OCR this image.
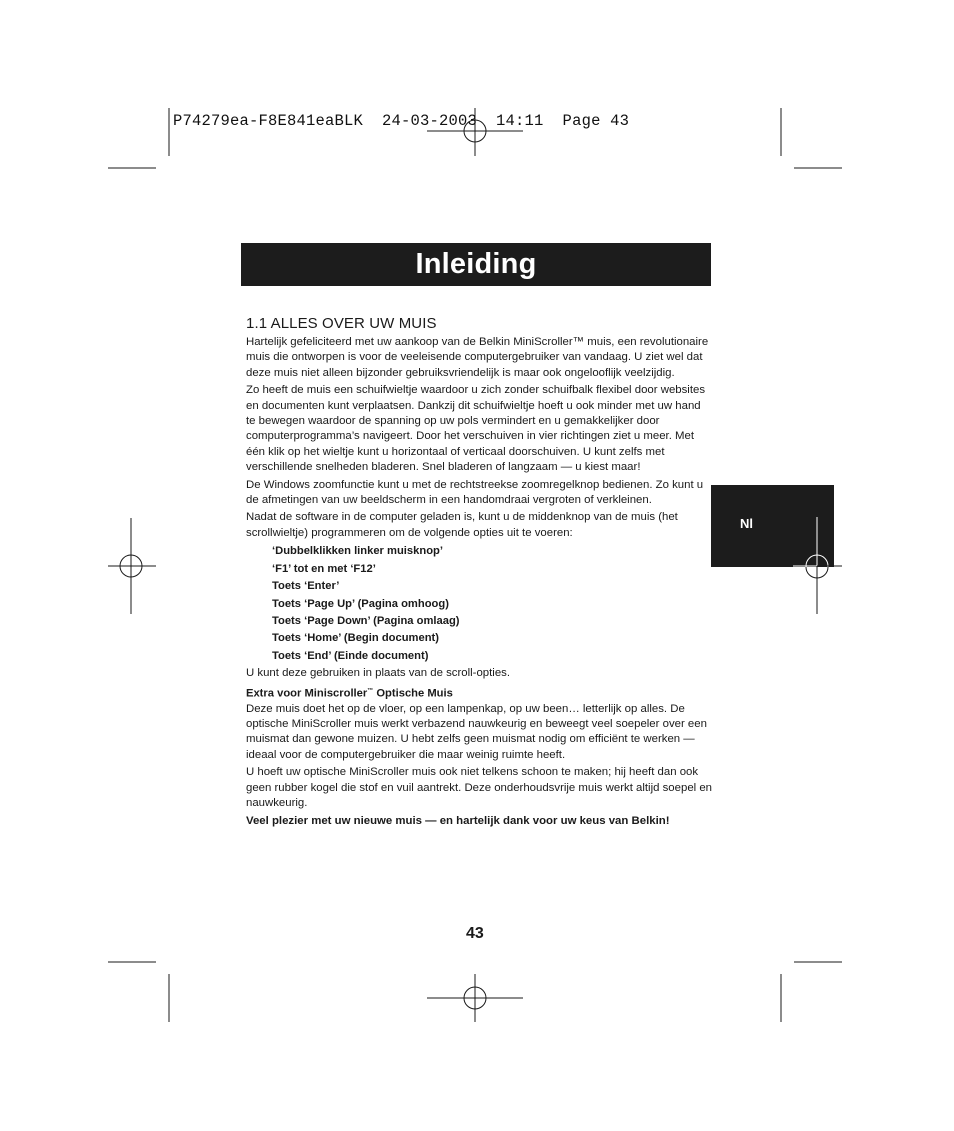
P74279ea-F8E841eaBLK  24-03-2003  14:11  Page 43
Inleiding
Nl
1.1 ALLES OVER UW MUIS

Hartelijk gefeliciteerd met uw aankoop van de Belkin MiniScroller™ muis, een revolutionaire muis die ontworpen is voor de veeleisende computergebruiker van vandaag. U ziet wel dat deze muis niet alleen bijzonder gebruiksvriendelijk is maar ook ongelooflijk veelzijdig.

Zo heeft de muis een schuifwieltje waardoor u zich zonder schuifbalk flexibel door websites en documenten kunt verplaatsen. Dankzij dit schuifwieltje hoeft u ook minder met uw hand te bewegen waardoor de spanning op uw pols vermindert en u gemakkelijker door computerprogramma’s navigeert. Door het verschuiven in vier richtingen ziet u meer. Met één klik op het wieltje kunt u horizontaal of verticaal doorschuiven. U kunt zelfs met verschillende snelheden bladeren. Snel bladeren of langzaam — u kiest maar!

De Windows zoomfunctie kunt u met de rechtstreekse zoomregelknop bedienen. Zo kunt u de afmetingen van uw beeldscherm in een handomdraai vergroten of verkleinen.

Nadat de software in de computer geladen is, kunt u de middenknop van de muis (het scrollwieltje) programmeren om de volgende opties uit te voeren:

‘Dubbelklikken linker muisknop’
‘F1’ tot en met ‘F12’
Toets ‘Enter’
Toets ‘Page Up’ (Pagina omhoog)
Toets ‘Page Down’ (Pagina omlaag)
Toets ‘Home’ (Begin document)
Toets ‘End’ (Einde document)

U kunt deze gebruiken in plaats van de scroll-opties.

Extra voor Miniscroller™ Optische Muis

Deze muis doet het op de vloer, op een lampenkap, op uw been… letterlijk op alles. De optische MiniScroller muis werkt verbazend nauwkeurig en beweegt veel soepeler over een muismat dan gewone muizen. U hebt zelfs geen muismat nodig om efficiënt te werken — ideaal voor de computergebruiker die maar weinig ruimte heeft.

U hoeft uw optische MiniScroller muis ook niet telkens schoon te maken; hij heeft dan ook geen rubber kogel die stof en vuil aantrekt. Deze onderhoudsvrije muis werkt altijd soepel en nauwkeurig.

Veel plezier met uw nieuwe muis — en hartelijk dank voor uw keus van Belkin!

43
